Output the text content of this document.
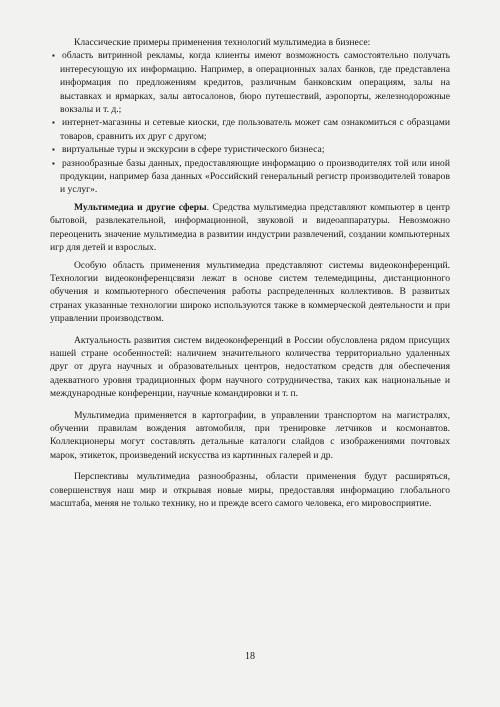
Классические примеры применения технологий мультимедиа в бизнесе:

▪ область витринной рекламы, когда клиенты имеют возможность самостоятельно получать интересующую их информацию. Например, в операционных залах банков, где представлена информация по предложениям кредитов, различным банковским операциям, залы на выставках и ярмарках, залы автосалонов, бюро путешествий, аэропорты, железнодорожные вокзалы и т. д.;
▪ интернет-магазины и сетевые киоски, где пользователь может сам ознакомиться с образцами товаров, сравнить их друг с другом;
▪ виртуальные туры и экскурсии в сфере туристического бизнеса;
▪ разнообразные базы данных, предоставляющие информацию о производителях той или иной продукции, например база данных «Российский генеральный регистр производителей товаров и услуг».

Мультимедиа и другие сферы. Средства мультимедиа представляют компьютер в центр бытовой, развлекательной, информационной, звуковой и видеоаппаратуры. Невозможно переоценить значение мультимедиа в развитии индустрии развлечений, создании компьютерных игр для детей и взрослых.

Особую область применения мультимедиа представляют системы видеоконференций. Технологии видеоконференцсвязи лежат в основе систем телемедицины, дистанционного обучения и компьютерного обеспечения работы распределенных коллективов. В развитых странах указанные технологии широко используются также в коммерческой деятельности и при управлении производством.

Актуальность развития систем видеоконференций в России обусловлена рядом присущих нашей стране особенностей: наличием значительного количества территориально удаленных друг от друга научных и образовательных центров, недостатком средств для обеспечения адекватного уровня традиционных форм научного сотрудничества, таких как национальные и международные конференции, научные командировки и т. п.

Мультимедиа применяется в картографии, в управлении транспортом на магистралях, обучении правилам вождения автомобиля, при тренировке летчиков и космонавтов. Коллекционеры могут составлять детальные каталоги слайдов с изображениями почтовых марок, этикеток, произведений искусства из картинных галерей и др.

Перспективы мультимедиа разнообразны, области применения будут расширяться, совершенствуя наш мир и открывая новые миры, предоставляя информацию глобального масштаба, меняя не только технику, но и прежде всего самого человека, его мировосприятие.

18
